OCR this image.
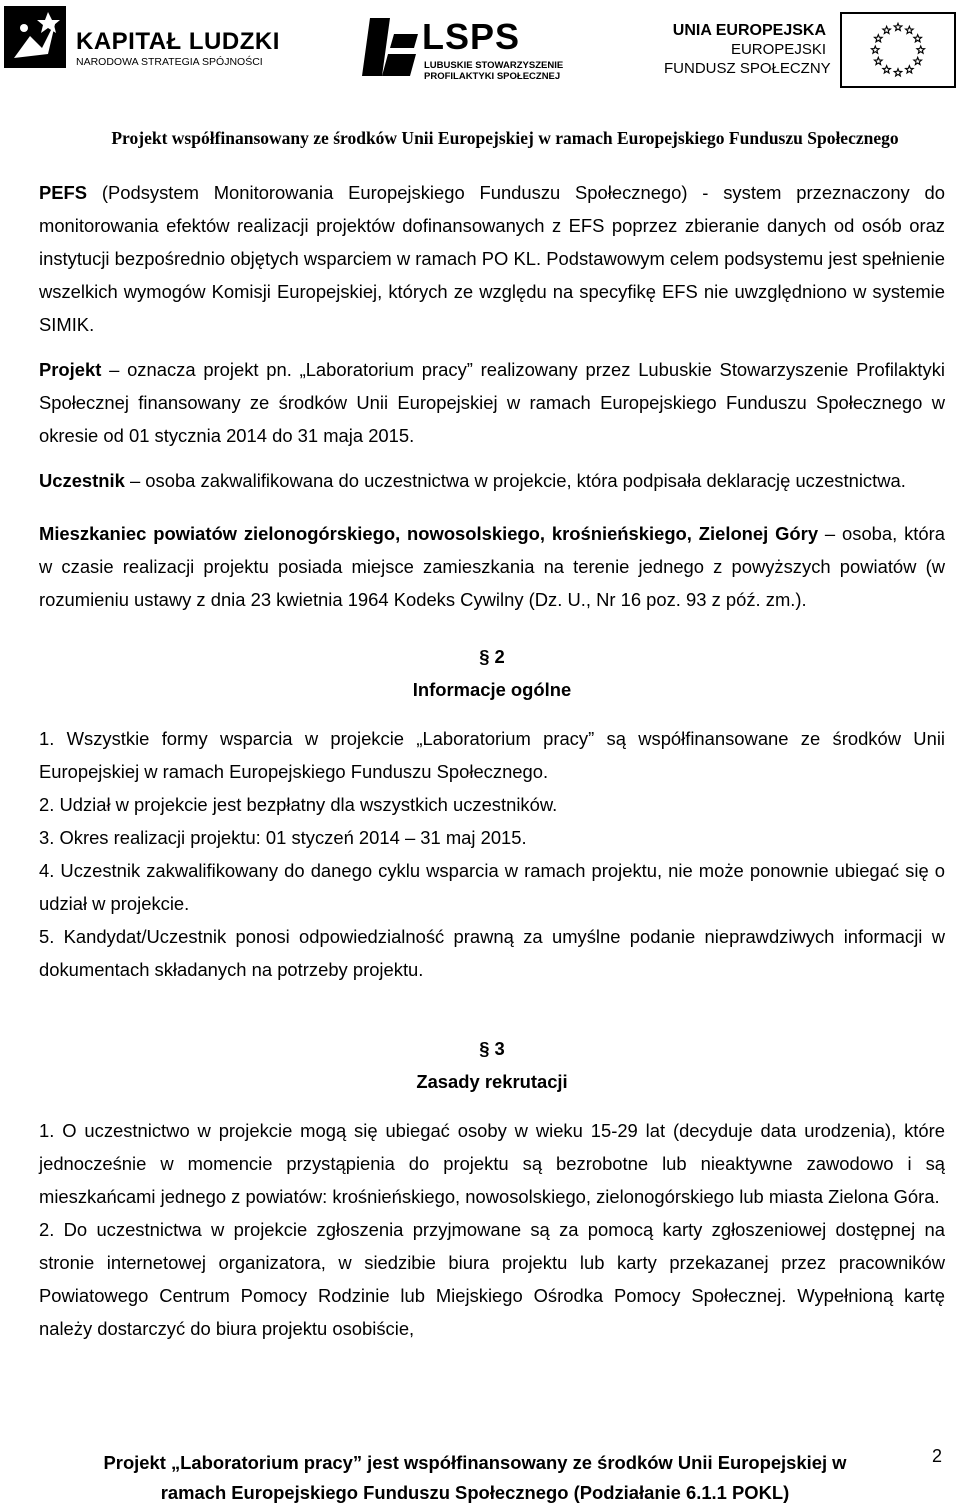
KAPITAŁ LUDZKI
NARODOWA STRATEGIA SPÓJNOŚCI
LSPS
LUBUSKIE STOWARZYSZENIE
PROFILAKTYKI SPOŁECZNEJ
UNIA EUROPEJSKA
EUROPEJSKI
FUNDUSZ SPOŁECZNY
Projekt współfinansowany ze środków Unii Europejskiej w ramach Europejskiego Funduszu Społecznego

PEFS (Podsystem Monitorowania Europejskiego Funduszu Społecznego) - system przeznaczony do monitorowania efektów realizacji projektów dofinansowanych z EFS poprzez zbieranie danych od osób oraz instytucji bezpośrednio objętych wsparciem w ramach PO KL. Podstawowym celem podsystemu jest spełnienie wszelkich wymogów Komisji Europejskiej, których ze względu na specyfikę EFS nie uwzględniono w systemie SIMIK.

Projekt – oznacza projekt pn. „Laboratorium pracy” realizowany przez Lubuskie Stowarzyszenie Profilaktyki Społecznej finansowany ze środków Unii Europejskiej w ramach Europejskiego Funduszu Społecznego w okresie od 01 stycznia 2014 do 31 maja 2015.

Uczestnik – osoba zakwalifikowana do uczestnictwa w projekcie, która podpisała deklarację uczestnictwa.

Mieszkaniec powiatów zielonogórskiego, nowosolskiego, krośnieńskiego, Zielonej Góry – osoba, która w czasie realizacji projektu posiada miejsce zamieszkania na terenie jednego z powyższych powiatów (w rozumieniu ustawy z dnia 23 kwietnia 1964 Kodeks Cywilny (Dz. U., Nr 16 poz. 93 z póź. zm.).

§ 2

Informacje ogólne

1. Wszystkie formy wsparcia w projekcie „Laboratorium pracy” są współfinansowane ze środków Unii Europejskiej w ramach Europejskiego Funduszu Społecznego.

2. Udział w projekcie jest bezpłatny dla wszystkich uczestników.

3. Okres realizacji projektu: 01 styczeń 2014 – 31 maj 2015.

4. Uczestnik zakwalifikowany do danego cyklu wsparcia w ramach projektu, nie może ponownie ubiegać się o udział w projekcie.

5. Kandydat/Uczestnik ponosi odpowiedzialność prawną za umyślne podanie nieprawdziwych informacji w dokumentach składanych na potrzeby projektu.

§ 3

Zasady rekrutacji

1. O uczestnictwo w projekcie mogą się ubiegać osoby w wieku 15-29 lat (decyduje data urodzenia), które jednocześnie w momencie przystąpienia do projektu są bezrobotne lub nieaktywne zawodowo i są mieszkańcami jednego z powiatów: krośnieńskiego, nowosolskiego, zielonogórskiego lub miasta Zielona Góra.

2. Do uczestnictwa w projekcie zgłoszenia przyjmowane są za pomocą karty zgłoszeniowej dostępnej na stronie internetowej organizatora, w siedzibie biura projektu lub karty przekazanej przez pracowników Powiatowego Centrum Pomocy Rodzinie lub Miejskiego Ośrodka Pomocy Społecznej. Wypełnioną kartę należy dostarczyć do biura projektu osobiście,

Projekt „Laboratorium pracy” jest współfinansowany ze środków Unii Europejskiej w
ramach Europejskiego Funduszu Społecznego (Podziałanie 6.1.1 POKL)
2
